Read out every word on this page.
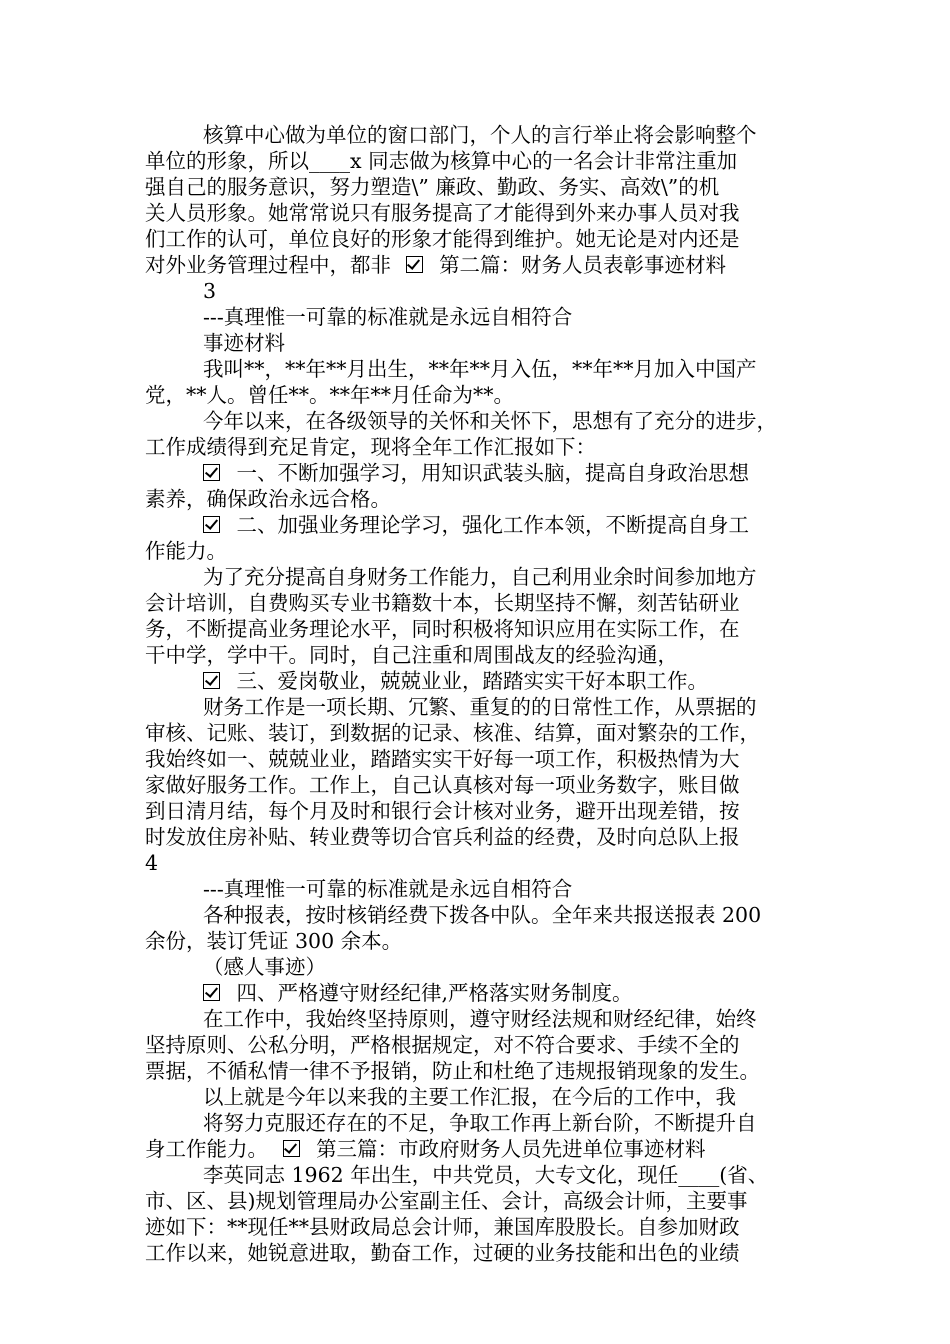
核算中心做为单位的窗口部门，个人的言行举止将会影响整个
单位的形象，所以____x 同志做为核算中心的一名会计非常注重加
强自己的服务意识，努力塑造\” 廉政、勤政、务实、高效\”的机
关人员形象。她常常说只有服务提高了才能得到外来办事人员对我
们工作的认可，单位良好的形象才能得到维护。她无论是对内还是
对外业务管理过程中，都非 第二篇：财务人员表彰事迹材料
3
---真理惟一可靠的标准就是永远自相符合
事迹材料
我叫**，**年**月出生，**年**月入伍，**年**月加入中国产
党，**人。曾任**。**年**月任命为**。
今年以来，在各级领导的关怀和关怀下，思想有了充分的进步，
工作成绩得到充足肯定，现将全年工作汇报如下：
一、不断加强学习，用知识武装头脑，提高自身政治思想
素养，确保政治永远合格。
二、加强业务理论学习，强化工作本领，不断提高自身工
作能力。
为了充分提高自身财务工作能力，自己利用业余时间参加地方
会计培训，自费购买专业书籍数十本，长期坚持不懈，刻苦钻研业
务，不断提高业务理论水平，同时积极将知识应用在实际工作，在
干中学，学中干。同时，自己注重和周围战友的经验沟通，
三、爱岗敬业，兢兢业业，踏踏实实干好本职工作。
财务工作是一项长期、冗繁、重复的的日常性工作，从票据的
审核、记账、装订，到数据的记录、核准、结算，面对繁杂的工作，
我始终如一、兢兢业业，踏踏实实干好每一项工作，积极热情为大
家做好服务工作。工作上，自己认真核对每一项业务数字，账目做
到日清月结，每个月及时和银行会计核对业务，避开出现差错，按
时发放住房补贴、转业费等切合官兵利益的经费，及时向总队上报
4
---真理惟一可靠的标准就是永远自相符合
各种报表，按时核销经费下拨各中队。全年来共报送报表 200
余份，装订凭证 300 余本。
（感人事迹）
四、严格遵守财经纪律,严格落实财务制度。
在工作中，我始终坚持原则，遵守财经法规和财经纪律，始终
坚持原则、公私分明，严格根据规定，对不符合要求、手续不全的
票据，不循私情一律不予报销，防止和杜绝了违规报销现象的发生。
以上就是今年以来我的主要工作汇报，在今后的工作中，我
将努力克服还存在的不足，争取工作再上新台阶，不断提升自
身工作能力。 第三篇：市政府财务人员先进单位事迹材料
李英同志 1962 年出生，中共党员，大专文化，现任____(省、
市、区、县)规划管理局办公室副主任、会计，高级会计师，主要事
迹如下：**现任**县财政局总会计师，兼国库股股长。自参加财政
工作以来，她锐意进取，勤奋工作，过硬的业务技能和出色的业绩
